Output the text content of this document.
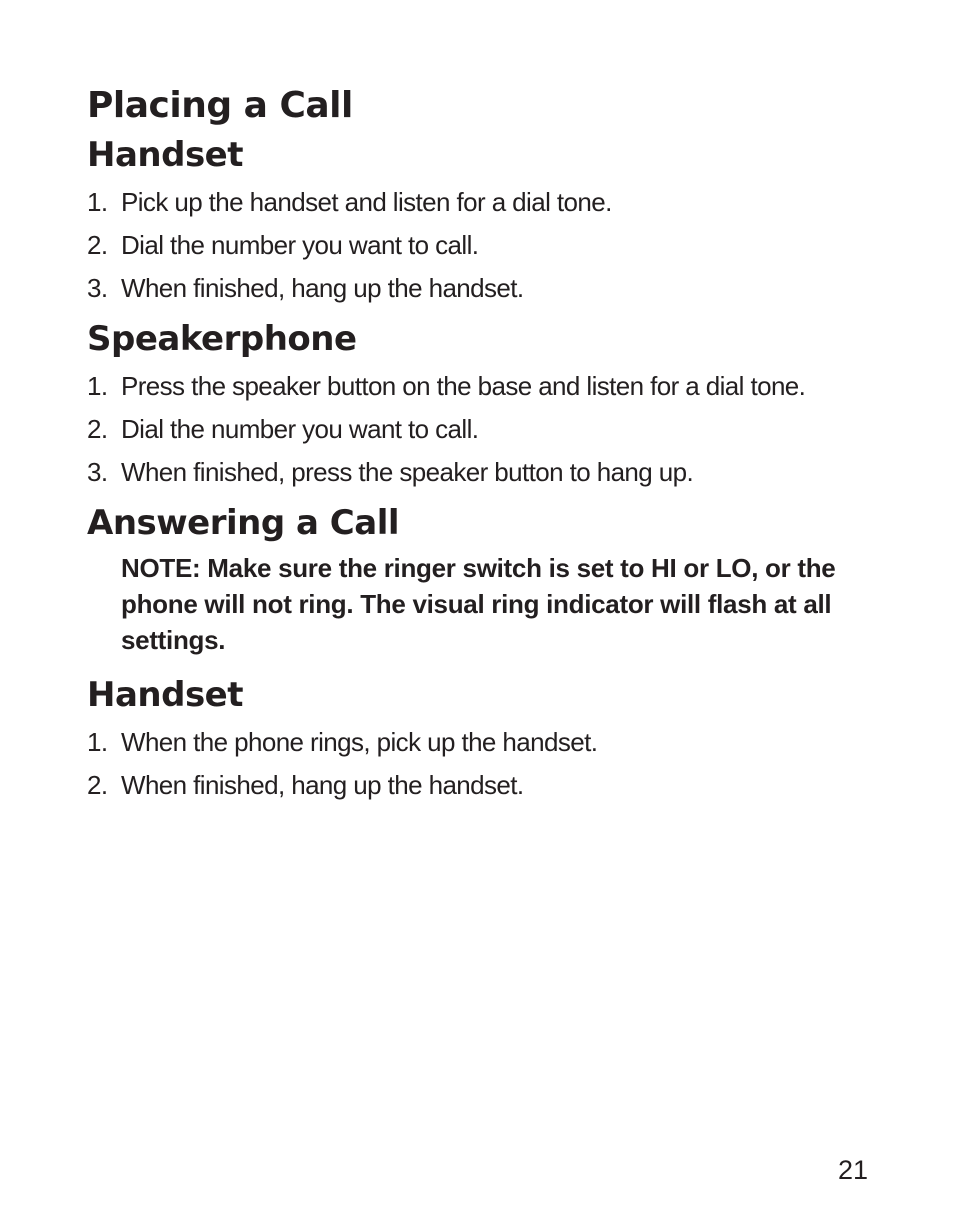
Placing a Call
Handset
1. Pick up the handset and listen for a dial tone.
2. Dial the number you want to call.
3. When finished, hang up the handset.
Speakerphone
1. Press the speaker button on the base and listen for a dial tone.
2. Dial the number you want to call.
3. When finished, press the speaker button to hang up.
Answering a Call
NOTE: Make sure the ringer switch is set to HI or LO, or the phone will not ring. The visual ring indicator will flash at all settings.
Handset
1. When the phone rings, pick up the handset.
2. When finished, hang up the handset.
21
